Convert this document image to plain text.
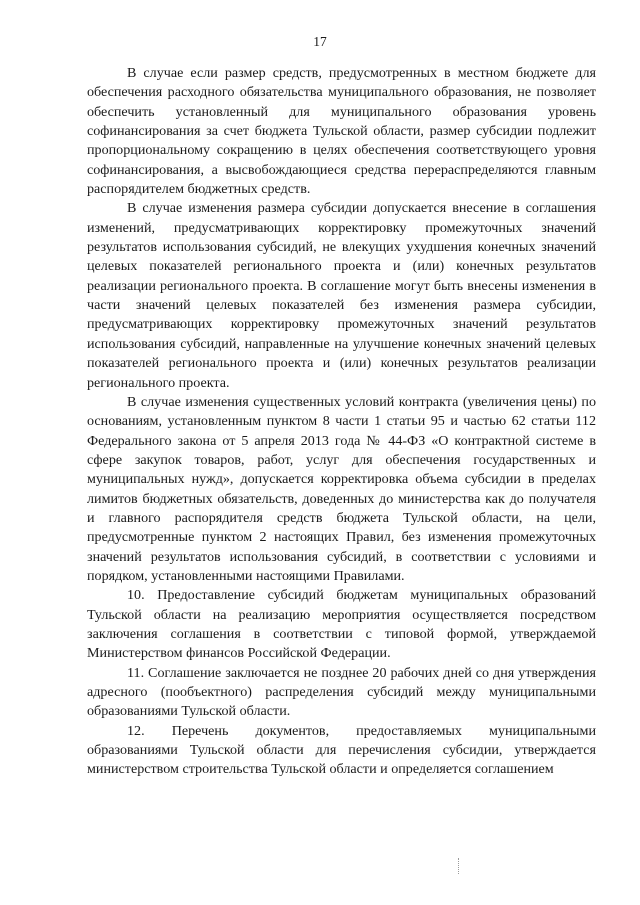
17

В случае если размер средств, предусмотренных в местном бюджете для обеспечения расходного обязательства муниципального образования, не позволяет обеспечить установленный для муниципального образования уровень софинансирования за счет бюджета Тульской области, размер субсидии подлежит пропорциональному сокращению в целях обеспечения соответствующего уровня софинансирования, а высвобождающиеся средства перераспределяются главным распорядителем бюджетных средств.

В случае изменения размера субсидии допускается внесение в соглашения изменений, предусматривающих корректировку промежуточных значений результатов использования субсидий, не влекущих ухудшения конечных значений целевых показателей регионального проекта и (или) конечных результатов реализации регионального проекта. В соглашение могут быть внесены изменения в части значений целевых показателей без изменения размера субсидии, предусматривающих корректировку промежуточных значений результатов использования субсидий, направленные на улучшение конечных значений целевых показателей регионального проекта и (или) конечных результатов реализации регионального проекта.

В случае изменения существенных условий контракта (увеличения цены) по основаниям, установленным пунктом 8 части 1 статьи 95 и частью 62 статьи 112 Федерального закона от 5 апреля 2013 года № 44-ФЗ «О контрактной системе в сфере закупок товаров, работ, услуг для обеспечения государственных и муниципальных нужд», допускается корректировка объема субсидии в пределах лимитов бюджетных обязательств, доведенных до министерства как до получателя и главного распорядителя средств бюджета Тульской области, на цели, предусмотренные пунктом 2 настоящих Правил, без изменения промежуточных значений результатов использования субсидий, в соответствии с условиями и порядком, установленными настоящими Правилами.

10. Предоставление субсидий бюджетам муниципальных образований Тульской области на реализацию мероприятия осуществляется посредством заключения соглашения в соответствии с типовой формой, утверждаемой Министерством финансов Российской Федерации.

11. Соглашение заключается не позднее 20 рабочих дней со дня утверждения адресного (пообъектного) распределения субсидий между муниципальными образованиями Тульской области.

12. Перечень документов, предоставляемых муниципальными образованиями Тульской области для перечисления субсидии, утверждается министерством строительства Тульской области и определяется соглашением
